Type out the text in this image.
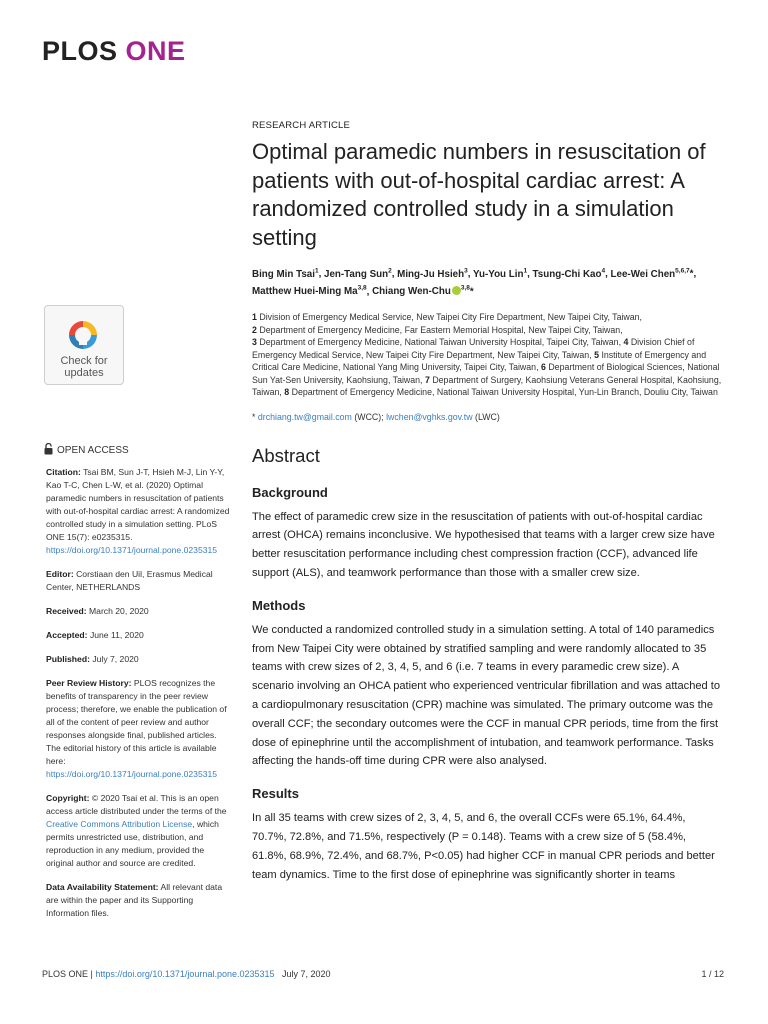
PLOS ONE
Check for
updates
OPEN ACCESS

Citation: Tsai BM, Sun J-T, Hsieh M-J, Lin Y-Y, Kao T-C, Chen L-W, et al. (2020) Optimal paramedic numbers in resuscitation of patients with out-of-hospital cardiac arrest: A randomized controlled study in a simulation setting. PLoS ONE 15(7): e0235315. https://doi.org/10.1371/journal.pone.0235315

Editor: Corstiaan den Uil, Erasmus Medical Center, NETHERLANDS

Received: March 20, 2020

Accepted: June 11, 2020

Published: July 7, 2020

Peer Review History: PLOS recognizes the benefits of transparency in the peer review process; therefore, we enable the publication of all of the content of peer review and author responses alongside final, published articles. The editorial history of this article is available here: https://doi.org/10.1371/journal.pone.0235315

Copyright: © 2020 Tsai et al. This is an open access article distributed under the terms of the Creative Commons Attribution License, which permits unrestricted use, distribution, and reproduction in any medium, provided the original author and source are credited.

Data Availability Statement: All relevant data are within the paper and its Supporting Information files.

RESEARCH ARTICLE
Optimal paramedic numbers in resuscitation of patients with out-of-hospital cardiac arrest: A randomized controlled study in a simulation setting
Bing Min Tsai$^1$, Jen-Tang Sun$^2$, Ming-Ju Hsieh$^3$, Yu-You Lin$^1$, Tsung-Chi Kao$^4$, Lee-Wei Chen$^{5,6,7}$*, Matthew Huei-Ming Ma$^{3,8}$, Chiang Wen-Chu $^{3,8}$*
1 Division of Emergency Medical Service, New Taipei City Fire Department, New Taipei City, Taiwan,
2 Department of Emergency Medicine, Far Eastern Memorial Hospital, New Taipei City, Taiwan,
3 Department of Emergency Medicine, National Taiwan University Hospital, Taipei City, Taiwan, 4 Division Chief of Emergency Medical Service, New Taipei City Fire Department, New Taipei City, Taiwan, 5 Institute of Emergency and Critical Care Medicine, National Yang Ming University, Taipei City, Taiwan, 6 Department of Biological Sciences, National Sun Yat-Sen University, Kaohsiung, Taiwan, 7 Department of Surgery, Kaohsiung Veterans General Hospital, Kaohsiung, Taiwan, 8 Department of Emergency Medicine, National Taiwan University Hospital, Yun-Lin Branch, Douliu City, Taiwan
* drchiang.tw@gmail.com (WCC); lwchen@vghks.gov.tw (LWC)
Abstract
Background

The effect of paramedic crew size in the resuscitation of patients with out-of-hospital cardiac arrest (OHCA) remains inconclusive. We hypothesised that teams with a larger crew size have better resuscitation performance including chest compression fraction (CCF), advanced life support (ALS), and teamwork performance than those with a smaller crew size.

Methods

We conducted a randomized controlled study in a simulation setting. A total of 140 paramedics from New Taipei City were obtained by stratified sampling and were randomly allocated to 35 teams with crew sizes of 2, 3, 4, 5, and 6 (i.e. 7 teams in every paramedic crew size). A scenario involving an OHCA patient who experienced ventricular fibrillation and was attached to a cardiopulmonary resuscitation (CPR) machine was simulated. The primary outcome was the overall CCF; the secondary outcomes were the CCF in manual CPR periods, time from the first dose of epinephrine until the accomplishment of intubation, and teamwork performance. Tasks affecting the hands-off time during CPR were also analysed.

Results

In all 35 teams with crew sizes of 2, 3, 4, 5, and 6, the overall CCFs were 65.1%, 64.4%, 70.7%, 72.8%, and 71.5%, respectively (P = 0.148). Teams with a crew size of 5 (58.4%, 61.8%, 68.9%, 72.4%, and 68.7%, P<0.05) had higher CCF in manual CPR periods and better team dynamics. Time to the first dose of epinephrine was significantly shorter in teams

PLOS ONE | https://doi.org/10.1371/journal.pone.0235315 July 7, 2020	1 / 12
